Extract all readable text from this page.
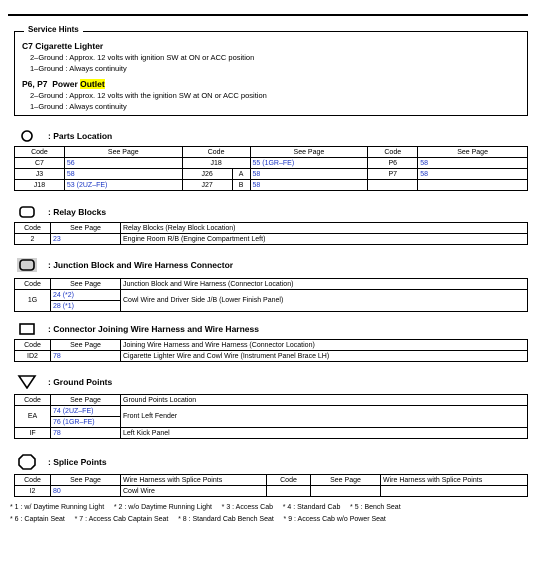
Service Hints
C7 Cigarette Lighter
2–Ground : Approx. 12 volts with ignition SW at ON or ACC position
1–Ground : Always continuity
P6, P7  Power Outlet
2–Ground : Approx. 12 volts with the ignition SW at ON or ACC position
1–Ground : Always continuity
: Parts Location
Code	See Page	Code		See Page	Code	See Page
C7	56	J18		55 (1GR–FE)	P6	58
J3	58	J26	A	58	P7	58
J18	53 (2UZ–FE)	J27	B	58		
: Relay Blocks
Code	See Page	Relay Blocks (Relay Block Location)
2	23	Engine Room R/B (Engine Compartment Left)
: Junction Block and Wire Harness Connector
Code	See Page	Junction Block and Wire Harness (Connector Location)
1G	24 (*2)	Cowl Wire and Driver Side J/B (Lower Finish Panel)
	28 (*1)	
: Connector Joining Wire Harness and Wire Harness
Code	See Page	Joining Wire Harness and Wire Harness (Connector Location)
ID2	78	Cigarette Lighter Wire and Cowl Wire (Instrument Panel Brace LH)
: Ground Points
Code	See Page	Ground Points Location
EA	74 (2UZ–FE)	Front Left Fender
	76 (1GR–FE)	
IF	78	Left Kick Panel
: Splice Points
Code	See Page	Wire Harness with Splice Points	Code	See Page	Wire Harness with Splice Points
I2	80	Cowl Wire			
* 1 : w/ Daytime Running Light     * 2 : w/o Daytime Running Light     * 3 : Access Cab     * 4 : Standard Cab     * 5 : Bench Seat
* 6 : Captain Seat     * 7 : Access Cab Captain Seat     * 8 : Standard Cab Bench Seat     * 9 : Access Cab w/o Power Seat
